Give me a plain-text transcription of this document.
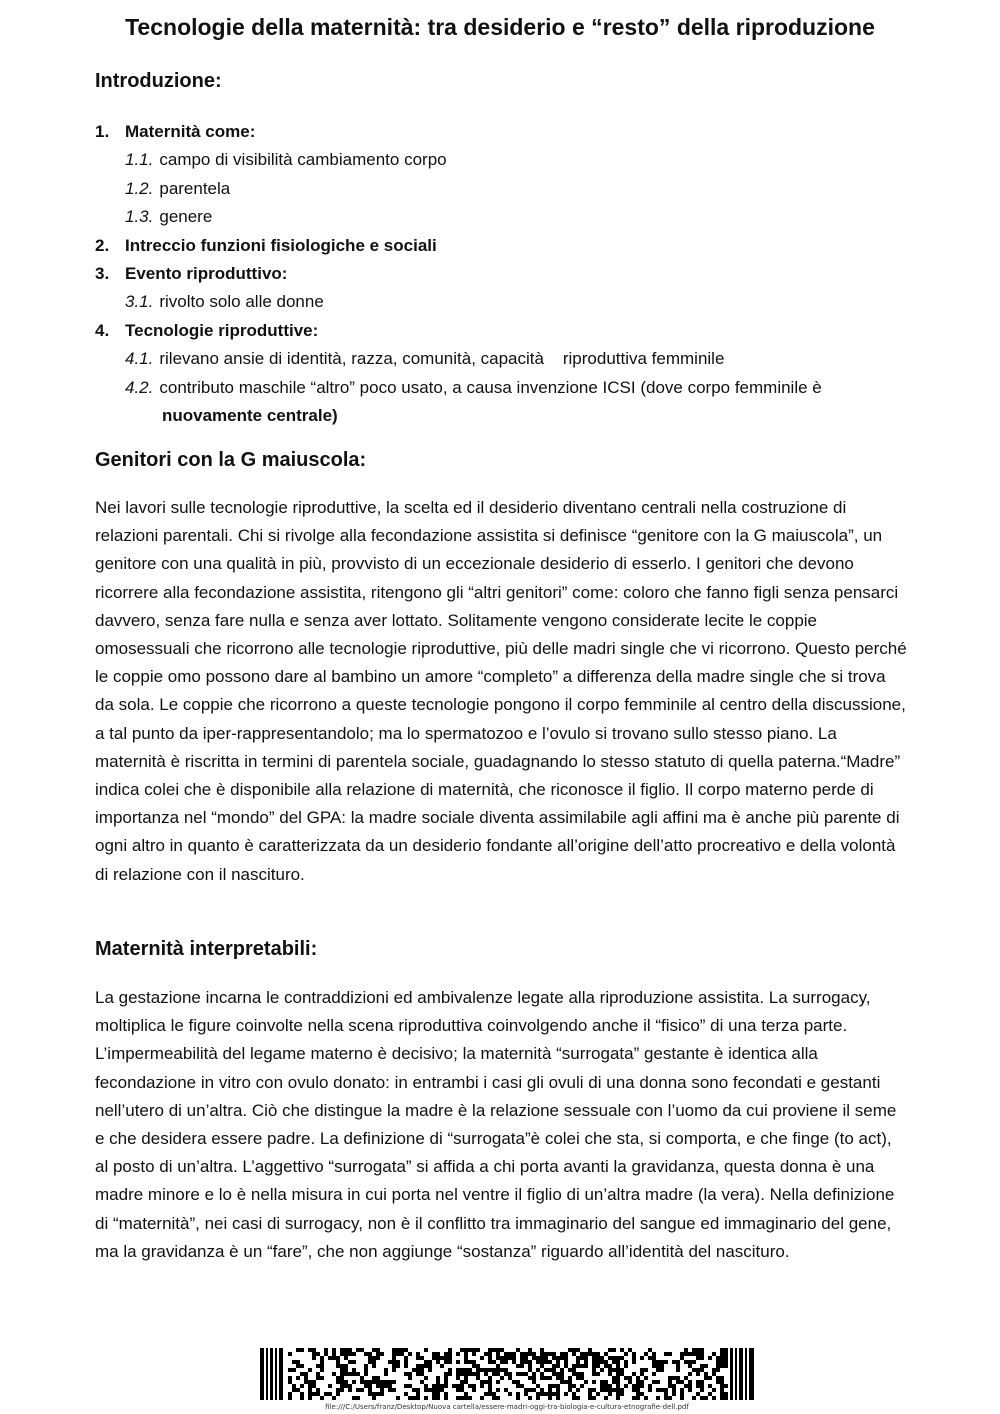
Tecnologie della maternità: tra desiderio e “resto” della riproduzione
Introduzione:
1. Maternità come:
1.1. campo di visibilità cambiamento corpo
1.2. parentela
1.3. genere
2. Intreccio funzioni fisiologiche e sociali
3. Evento riproduttivo:
3.1. rivolto solo alle donne
4. Tecnologie riproduttive:
4.1. rilevano ansie di identità, razza, comunità, capacità    riproduttiva femminile
4.2. contributo maschile “altro” poco usato, a causa invenzione ICSI (dove corpo femminile è
nuovamente centrale)
Genitori con la G maiuscola:

Nei lavori sulle tecnologie riproduttive, la scelta ed il desiderio diventano centrali nella costruzione di relazioni parentali. Chi si rivolge alla fecondazione assistita si definisce “genitore con la G maiuscola”, un genitore con una qualità in più, provvisto di un eccezionale desiderio di esserlo. I genitori che devono ricorrere alla fecondazione assistita, ritengono gli “altri genitori” come: coloro che fanno figli senza pensarci davvero, senza fare nulla e senza aver lottato. Solitamente vengono considerate lecite le coppie omosessuali che ricorrono alle tecnologie riproduttive, più delle madri single che vi ricorrono. Questo perché le coppie omo possono dare al bambino un amore “completo” a differenza della madre single che si trova da sola. Le coppie che ricorrono a queste tecnologie pongono il corpo femminile al centro della discussione, a tal punto da iper-rappresentandolo; ma lo spermatozoo e l’ovulo si trovano sullo stesso piano. La maternità è riscritta in termini di parentela sociale, guadagnando lo stesso statuto di quella paterna.“Madre” indica colei che è disponibile alla relazione di maternità, che riconosce il figlio. Il corpo materno perde di importanza nel “mondo” del GPA: la madre sociale diventa assimilabile agli affini ma è anche più parente di ogni altro in quanto è caratterizzata da un desiderio fondante all’origine dell’atto procreativo e della volontà di relazione con il nascituro.

Maternità interpretabili:

La gestazione incarna le contraddizioni ed ambivalenze legate alla riproduzione assistita. La surrogacy, moltiplica le figure coinvolte nella scena riproduttiva coinvolgendo anche il “fisico” di una terza parte. L’impermeabilità del legame materno è decisivo; la maternità “surrogata” gestante è identica alla fecondazione in vitro con ovulo donato: in entrambi i casi gli ovuli di una donna sono fecondati e gestanti nell’utero di un’altra. Ciò che distingue la madre è la relazione sessuale con l’uomo da cui proviene il seme e che desidera essere padre. La definizione di “surrogata”è colei che sta, si comporta, e che finge (to act), al posto di un’altra. L’aggettivo “surrogata” si affida a chi porta avanti la gravidanza, questa donna è una madre minore e lo è nella misura in cui porta nel ventre il figlio di un’altra madre (la vera). Nella definizione di “maternità”, nei casi di surrogacy, non è il conflitto tra immaginario del sangue ed immaginario del gene, ma la gravidanza è un “fare”, che non aggiunge “sostanza” riguardo all’identità del nascituro.

file:///C:/Users/franz/Desktop/Nuova cartella/essere-madri-oggi-tra-biologia-e-cultura-etnografie-dell.pdf
